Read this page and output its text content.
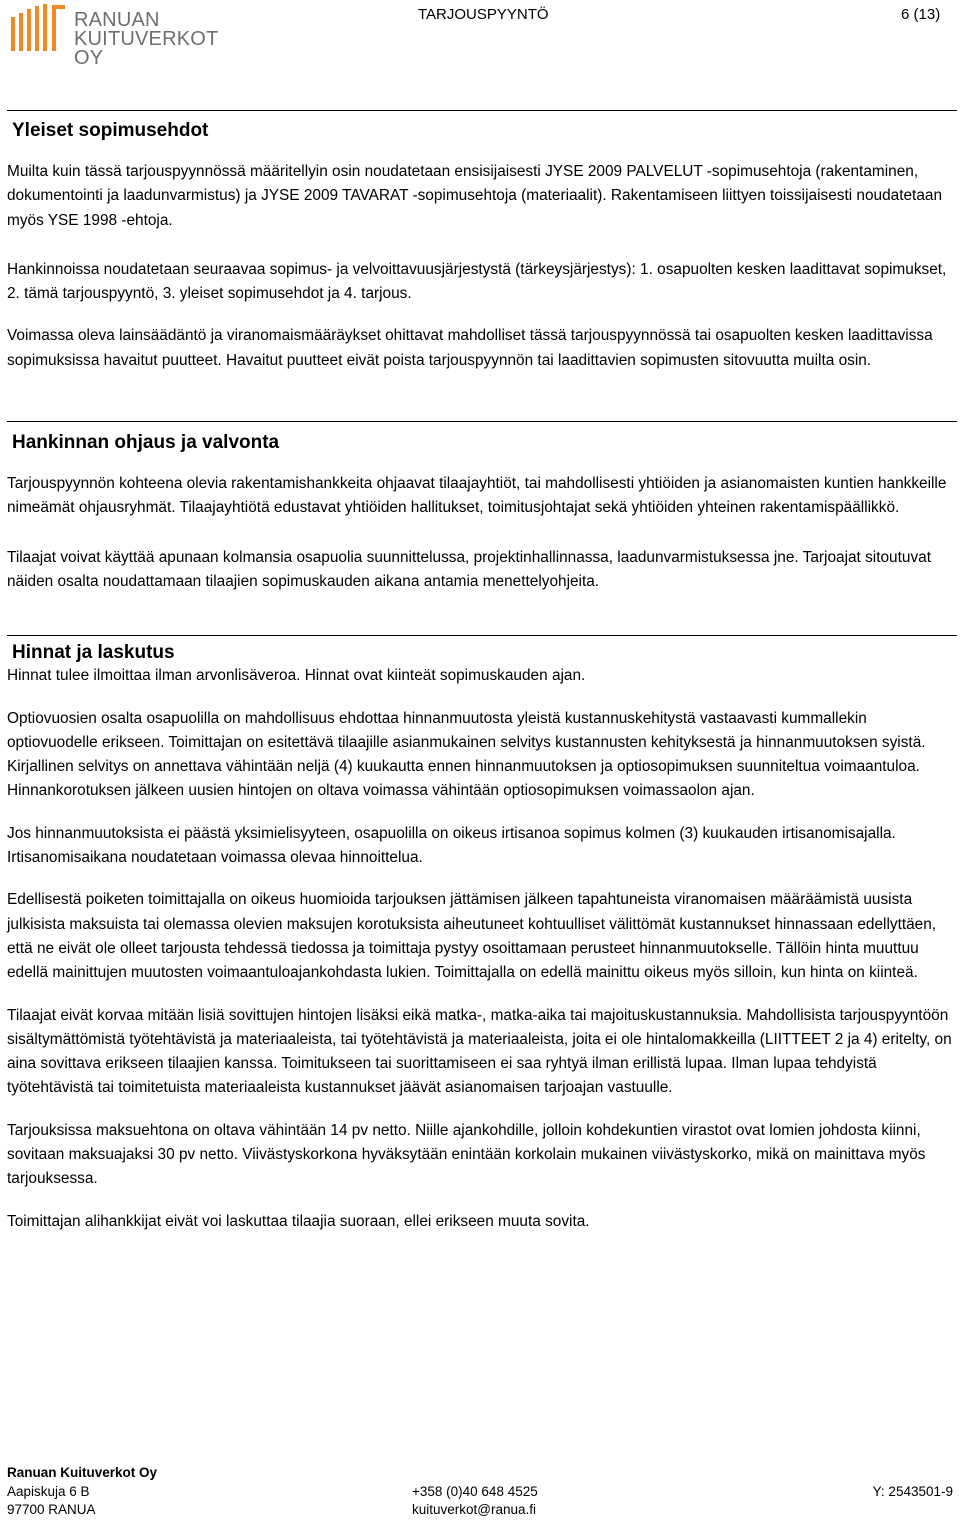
RANUAN
KUITUVERKOT OY
TARJOUSPYYNTÖ	6 (13)
Yleiset sopimusehdot

Muilta kuin tässä tarjouspyynnössä määritellyin osin noudatetaan ensisijaisesti JYSE 2009 PALVELUT -sopimusehtoja (rakentaminen, dokumentointi ja laadunvarmistus) ja JYSE 2009 TAVARAT -sopimusehtoja (materiaalit). Rakentamiseen liittyen toissijaisesti noudatetaan myös YSE 1998 -ehtoja.

Hankinnoissa noudatetaan seuraavaa sopimus- ja velvoittavuusjärjestystä (tärkeysjärjestys): 1. osapuolten kesken laadittavat sopimukset, 2. tämä tarjouspyyntö, 3. yleiset sopimusehdot ja 4. tarjous.

Voimassa oleva lainsäädäntö ja viranomaismääräykset ohittavat mahdolliset tässä tarjouspyynnössä tai osapuolten kesken laadittavissa sopimuksissa havaitut puutteet. Havaitut puutteet eivät poista tarjouspyynnön tai laadittavien sopimusten sitovuutta muilta osin.

Hankinnan ohjaus ja valvonta

Tarjouspyynnön kohteena olevia rakentamishankkeita ohjaavat tilaajayhtiöt, tai mahdollisesti yhtiöiden ja asianomaisten kuntien hankkeille nimeämät ohjausryhmät. Tilaajayhtiötä edustavat yhtiöiden hallitukset, toimitusjohtajat sekä yhtiöiden yhteinen rakentamispäällikkö.

Tilaajat voivat käyttää apunaan kolmansia osapuolia suunnittelussa, projektinhallinnassa, laadunvarmistuksessa jne. Tarjoajat sitoutuvat näiden osalta noudattamaan tilaajien sopimuskauden aikana antamia menettelyohjeita.

Hinnat ja laskutus

Hinnat tulee ilmoittaa ilman arvonlisäveroa. Hinnat ovat kiinteät sopimuskauden ajan.

Optiovuosien osalta osapuolilla on mahdollisuus ehdottaa hinnanmuutosta yleistä kustannuskehitystä vastaavasti kummallekin optiovuodelle erikseen. Toimittajan on esitettävä tilaajille asianmukainen selvitys kustannusten kehityksestä ja hinnanmuutoksen syistä. Kirjallinen selvitys on annettava vähintään neljä (4) kuukautta ennen hinnanmuutoksen ja optiosopimuksen suunniteltua voimaantuloa. Hinnankorotuksen jälkeen uusien hintojen on oltava voimassa vähintään optiosopimuksen voimassaolon ajan.

Jos hinnanmuutoksista ei päästä yksimielisyyteen, osapuolilla on oikeus irtisanoa sopimus kolmen (3) kuukauden irtisanomisajalla. Irtisanomisaikana noudatetaan voimassa olevaa hinnoittelua.

Edellisestä poiketen toimittajalla on oikeus huomioida tarjouksen jättämisen jälkeen tapahtuneista viranomaisen määräämistä uusista julkisista maksuista tai olemassa olevien maksujen korotuksista aiheutuneet kohtuulliset välittömät kustannukset hinnassaan edellyttäen, että ne eivät ole olleet tarjousta tehdessä tiedossa ja toimittaja pystyy osoittamaan perusteet hinnanmuutokselle. Tällöin hinta muuttuu edellä mainittujen muutosten voimaantuloajankohdasta lukien. Toimittajalla on edellä mainittu oikeus myös silloin, kun hinta on kiinteä.

Tilaajat eivät korvaa mitään lisiä sovittujen hintojen lisäksi eikä matka-, matka-aika tai majoituskustannuksia. Mahdollisista tarjouspyyntöön sisältymättömistä työtehtävistä ja materiaaleista, tai työtehtävistä ja materiaaleista, joita ei ole hintalomakkeilla (LIITTEET 2 ja 4) eritelty, on aina sovittava erikseen tilaajien kanssa. Toimitukseen tai suorittamiseen ei saa ryhtyä ilman erillistä lupaa. Ilman lupaa tehdyistä työtehtävistä tai toimitetuista materiaaleista kustannukset jäävät asianomaisen tarjoajan vastuulle.

Tarjouksissa maksuehtona on oltava vähintään 14 pv netto. Niille ajankohdille, jolloin kohdekuntien virastot ovat lomien johdosta kiinni, sovitaan maksuajaksi 30 pv netto. Viivästyskorkona hyväksytään enintään korkolain mukainen viivästyskorko, mikä on mainittava myös tarjouksessa.

Toimittajan alihankkijat eivät voi laskuttaa tilaajia suoraan, ellei erikseen muuta sovita.

Ranuan Kuituverkot Oy
Aapiskuja 6 B
97700 RANUA
+358 (0)40 648 4525
kuituverkot@ranua.fi
Y: 2543501-9
